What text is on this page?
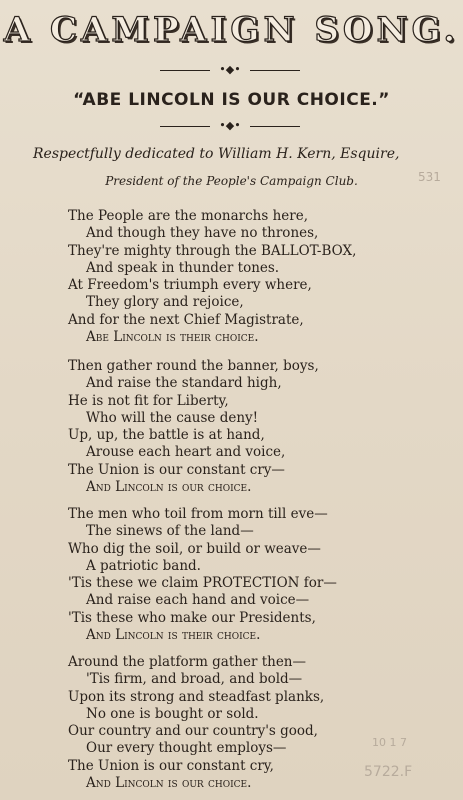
A CAMPAIGN SONG.
•◆•
“ABE LINCOLN IS OUR CHOICE.”
•◆•
Respectfully dedicated to William H. Kern, Esquire,
President of the People's Campaign Club.	531
10 1 7
5722.F
The People are the monarchs here,
And though they have no thrones,
They're mighty through the BALLOT-BOX,
And speak in thunder tones.
At Freedom's triumph every where,
They glory and rejoice,
And for the next Chief Magistrate,
Abe Lincoln is their choice.
Then gather round the banner, boys,
And raise the standard high,
He is not fit for Liberty,
Who will the cause deny!
Up, up, the battle is at hand,
Arouse each heart and voice,
The Union is our constant cry—
And Lincoln is our choice.
The men who toil from morn till eve—
The sinews of the land—
Who dig the soil, or build or weave—
A patriotic band.
'Tis these we claim PROTECTION for—
And raise each hand and voice—
'Tis these who make our Presidents,
And Lincoln is their choice.
Around the platform gather then—
'Tis firm, and broad, and bold—
Upon its strong and steadfast planks,
No one is bought or sold.
Our country and our country's good,
Our every thought employs—
The Union is our constant cry,
And Lincoln is our choice.
